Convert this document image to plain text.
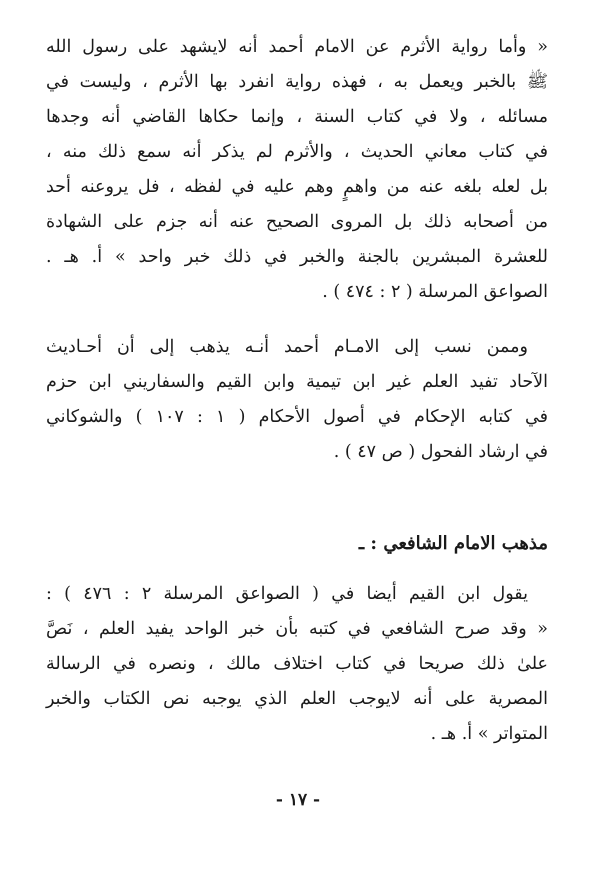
« وأما رواية الأثرم عن الامام أحمد أنه لايشهد على رسول الله
ﷺ بالخبر ويعمل به ، فهذه رواية انفرد بها الأثرم ، وليست في
مسائله ، ولا في كتاب السنة ، وإنما حكاها القاضي أنه وجدها
في كتاب معاني الحديث ، والأثرم لم يذكر أنه سمع ذلك منه ،
بل لعله بلغه عنه من واهمٍ وهم عليه في لفظه ، فل يروعنه أحد
من أصحابه ذلك بل المروى الصحيح عنه أنه جزم على الشهادة
للعشرة المبشرين بالجنة والخبر في ذلك خبر واحد » أ. هـ .
الصواعق المرسلة ( ٢ : ٤٧٤ ) .
وممن نسب إلى الامـام أحمد أنـه يذهب إلى أن أحـاديث
الآحاد تفيد العلم غير ابن تيمية وابن القيم والسفاريني ابن حزم
في كتابه الإحكام في أصول الأحكام ( ١ : ١٠٧ ) والشوكاني
في ارشاد الفحول ( ص ٤٧ ) .
مذهب الامام الشافعي : ـ
يقول ابن القيم أيضا في ( الصواعق المرسلة ٢ : ٤٧٦ ) :
« وقد صرح الشافعي في كتبه بأن خبر الواحد يفيد العلم ، نَصَّ
علىٰ ذلك صريحا في كتاب اختلاف مالك ، ونصره في الرسالة
المصرية على أنه لايوجب العلم الذي يوجبه نص الكتاب والخبر
المتواتر » أ. هـ .
- ١٧ -
